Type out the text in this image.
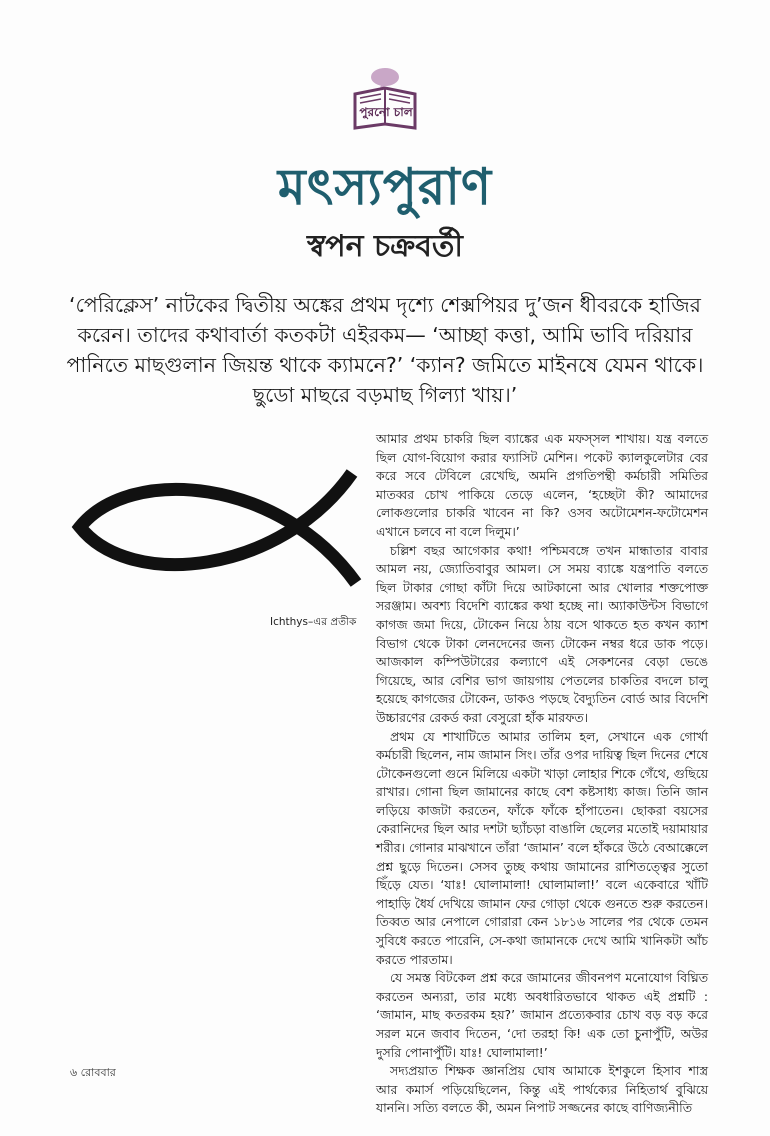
পুরনো চাল
মৎস্যপুরাণ
স্বপন চক্রবর্তী
‘পেরিক্লেস’ নাটকের দ্বিতীয় অঙ্কের প্রথম দৃশ্যে শেক্সপিয়র দু’জন ধীবরকে হাজির করেন। তাদের কথাবার্তা কতকটা এইরকম— ‘আচ্ছা কত্তা, আমি ভাবি দরিয়ার পানিতে মাছগুলান জিয়ন্ত থাকে ক্যামনে?’ ‘ক্যান? জমিতে মাইনষে যেমন থাকে। ছুডো মাছরে বড়মাছ গিল্যা খায়।’
Ichthys–এর প্রতীক

আমার প্রথম চাকরি ছিল ব্যাঙ্কের এক মফস্সল শাখায়। যন্ত্র বলতে ছিল যোগ-বিয়োগ করার ফ্যাসিট মেশিন। পকেট ক্যালকুলেটার বের করে সবে টেবিলে রেখেছি, অমনি প্রগতিপন্থী কর্মচারী সমিতির মাতব্বর চোখ পাকিয়ে তেড়ে এলেন, ‘হচ্ছেটা কী? আমাদের লোকগুলোর চাকরি খাবেন না কি? ওসব অটোমেশন-ফটোমেশন এখানে চলবে না বলে দিলুম।’

চল্লিশ বছর আগেকার কথা! পশ্চিমবঙ্গে তখন মান্ধাতার বাবার আমল নয়, জ্যোতিবাবুর আমল। সে সময় ব্যাঙ্কে যন্ত্রপাতি বলতে ছিল টাকার গোছা কাঁটা দিয়ে আটকানো আর খোলার শক্তপোক্ত সরঞ্জাম। অবশ্য বিদেশি ব্যাঙ্কের কথা হচ্ছে না। অ্যাকাউন্টস বিভাগে কাগজ জমা দিয়ে, টোকেন নিয়ে ঠায় বসে থাকতে হত কখন ক্যাশ বিভাগ থেকে টাকা লেনদেনের জন্য টোকেন নম্বর ধরে ডাক পড়ে। আজকাল কম্পিউটারের কল্যাণে এই সেকশনের বেড়া ভেঙে গিয়েছে, আর বেশির ভাগ জায়গায় পেতলের চাকতির বদলে চালু হয়েছে কাগজের টোকেন, ডাকও পড়ছে বৈদ্যুতিন বোর্ড আর বিদেশি উচ্চারণের রেকর্ড করা বেসুরো হাঁক মারফত।

প্রথম যে শাখাটিতে আমার তালিম হল, সেখানে এক গোর্খা কর্মচারী ছিলেন, নাম জামান সিং। তাঁর ওপর দায়িত্ব ছিল দিনের শেষে টোকেনগুলো গুনে মিলিয়ে একটা খাড়া লোহার শিকে গেঁথে, গুছিয়ে রাখার। গোনা ছিল জামানের কাছে বেশ কষ্টসাধ্য কাজ। তিনি জান লড়িয়ে কাজটা করতেন, ফাঁকে ফাঁকে হাঁপাতেন। ছোকরা বয়সের কেরানিদের ছিল আর দশটা ছ্যাঁচড়া বাঙালি ছেলের মতোই দয়ামায়ার শরীর। গোনার মাঝখানে তাঁরা ‘জামান’ বলে হাঁকরে উঠে বেআক্কেলে প্রশ্ন ছুড়ে দিতেন। সেসব তুচ্ছ কথায় জামানের রাশিতত্ত্বের সুতো ছিঁড়ে যেত। ‘যাঃ! ঘোলামালা! ঘোলামালা!’ বলে একেবারে খাঁটি পাহাড়ি ধৈর্য দেখিয়ে জামান ফের গোড়া থেকে গুনতে শুরু করতেন। তিব্বত আর নেপালে গোরারা কেন ১৮১৬ সালের পর থেকে তেমন সুবিধে করতে পারেনি, সে-কথা জামানকে দেখে আমি খানিকটা আঁচ করতে পারতাম।

যে সমস্ত বিটকেল প্রশ্ন করে জামানের জীবনপণ মনোযোগ বিঘ্নিত করতেন অন্যরা, তার মধ্যে অবধারিতভাবে থাকত এই প্রশ্নটি : ‘জামান, মাছ কতরকম হয়?’ জামান প্রত্যেকবার চোখ বড় বড় করে সরল মনে জবাব দিতেন, ‘দো তরহা কি! এক তো চুনাপুঁটি, অউর দুসরি পোনাপুঁটি। যাঃ! ঘোলামালা!’

সদ্যপ্রয়াত শিক্ষক জ্ঞানপ্রিয় ঘোষ আমাকে ইশকুলে হিসাব শাস্ত্র আর কমার্স পড়িয়েছিলেন, কিন্তু এই পার্থক্যের নিহিতার্থ বুঝিয়ে যাননি। সত্যি বলতে কী, অমন নিপাট সজ্জনের কাছে বাণিজ্যনীতি

৬ রোববার
